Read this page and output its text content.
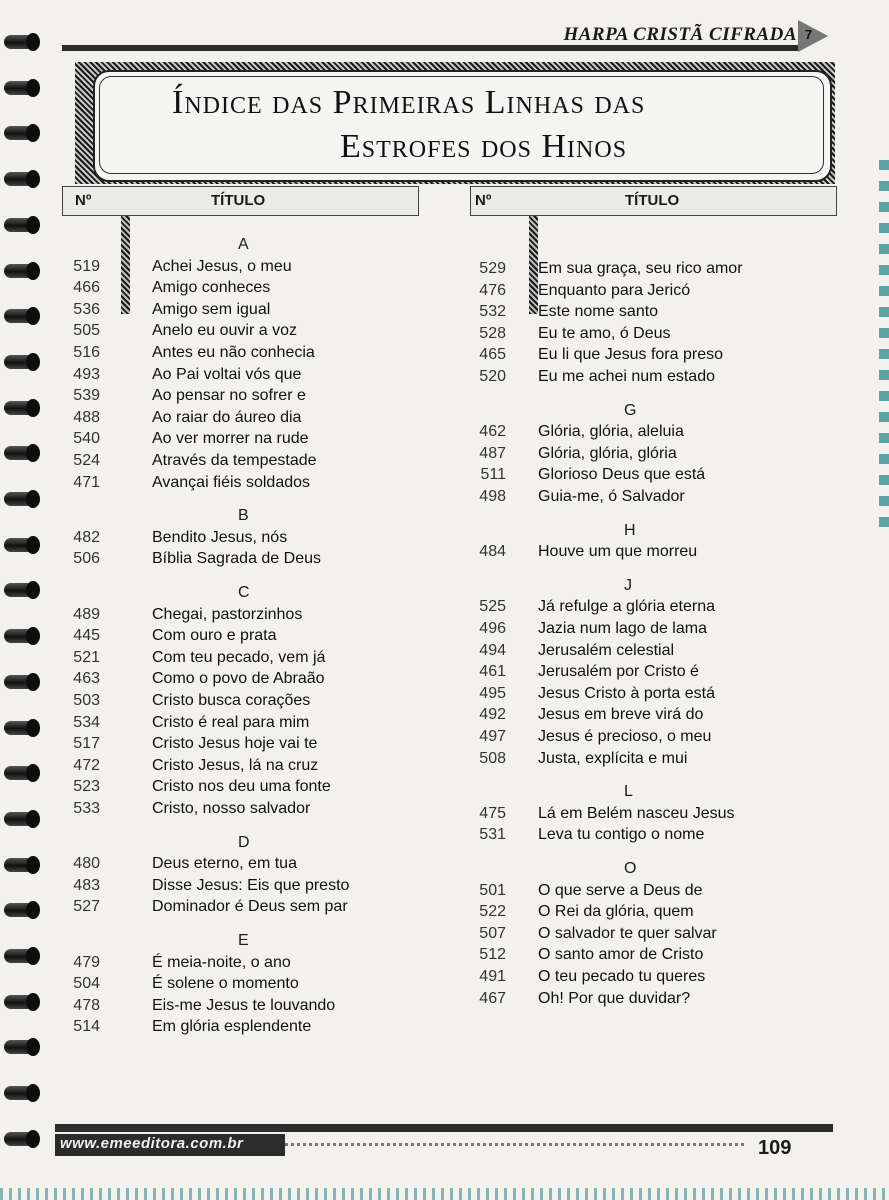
HARPA CRISTÃ CIFRADA 7
Índice das Primeiras Linhas das
Estrofes dos Hinos
Nº	TÍTULO	Nº	TÍTULO
A
519	Achei Jesus, o meu
466	Amigo conheces
536	Amigo sem igual
505	Anelo eu ouvir a voz
516	Antes eu não conhecia
493	Ao Pai voltai vós que
539	Ao pensar no sofrer e
488	Ao raiar do áureo dia
540	Ao ver morrer na rude
524	Através da tempestade
471	Avançai fiéis soldados
B
482	Bendito Jesus, nós
506	Bíblia Sagrada de Deus
C
489	Chegai, pastorzinhos
445	Com ouro e prata
521	Com teu pecado, vem já
463	Como o povo de Abraão
503	Cristo busca corações
534	Cristo é real para mim
517	Cristo Jesus hoje vai te
472	Cristo Jesus, lá na cruz
523	Cristo nos deu uma fonte
533	Cristo, nosso salvador
D
480	Deus eterno, em tua
483	Disse Jesus: Eis que presto
527	Dominador é Deus sem par
E
479	É meia-noite, o ano
504	É solene o momento
478	Eis-me Jesus te louvando
514	Em glória esplendente
529 Em sua graça, seu rico amor
476 Enquanto para Jericó
532 Este nome santo
528 Eu te amo, ó Deus
465 Eu li que Jesus fora preso
520 Eu me achei num estado
G
462 Glória, glória, aleluia
487 Glória, glória, glória
511 Glorioso Deus que está
498 Guia-me, ó Salvador
H
484 Houve um que morreu
J
525 Já refulge a glória eterna
496 Jazia num lago de lama
494 Jerusalém celestial
461 Jerusalém por Cristo é
495 Jesus Cristo à porta está
492 Jesus em breve virá do
497 Jesus é precioso, o meu
508 Justa, explícita e mui
L
475 Lá em Belém nasceu Jesus
531 Leva tu contigo o nome
O
501 O que serve a Deus de
522 O Rei da glória, quem
507 O salvador te quer salvar
512 O santo amor de Cristo
491 O teu pecado tu queres
467 Oh! Por que duvidar?
www.emeeditora.com.br	109
